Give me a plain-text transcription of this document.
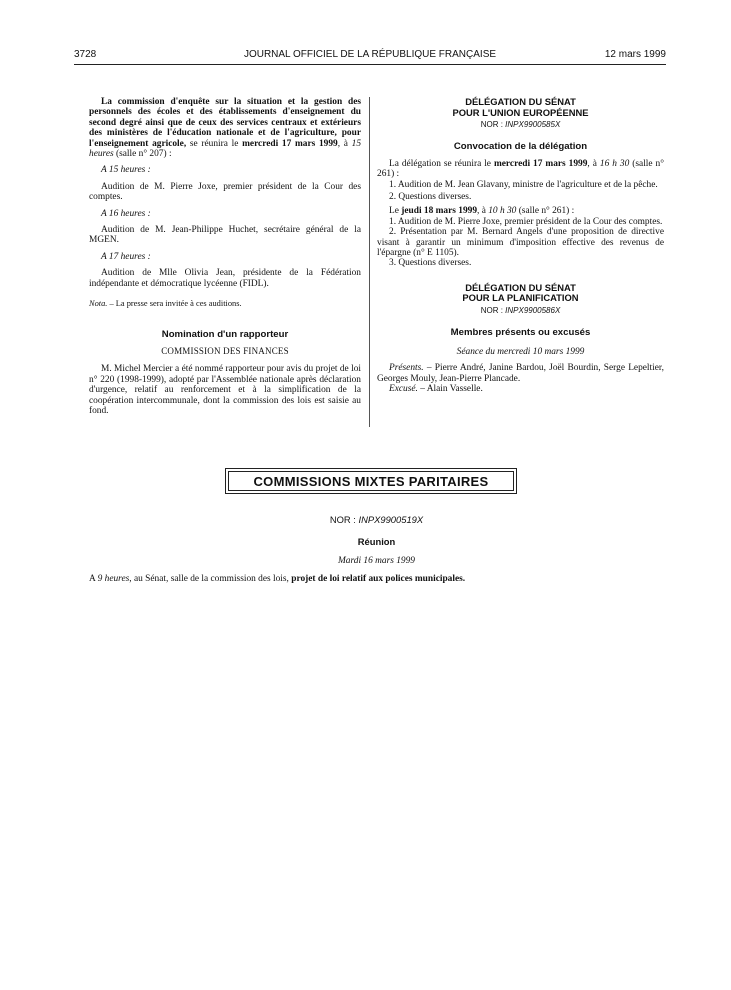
3728	JOURNAL OFFICIEL DE LA RÉPUBLIQUE FRANÇAISE	12 mars 1999

La commission d'enquête sur la situation et la gestion des personnels des écoles et des établissements d'enseignement du second degré ainsi que de ceux des services centraux et extérieurs des ministères de l'éducation nationale et de l'agriculture, pour l'enseignement agricole, se réunira le mercredi 17 mars 1999, à 15 heures (salle n° 207) :

A 15 heures :

Audition de M. Pierre Joxe, premier président de la Cour des comptes.

A 16 heures :

Audition de M. Jean-Philippe Huchet, secrétaire général de la MGEN.

A 17 heures :

Audition de Mlle Olivia Jean, présidente de la Fédération indépendante et démocratique lycéenne (FIDL).

Nota. – La presse sera invitée à ces auditions.

Nomination d'un rapporteur

COMMISSION DES FINANCES

M. Michel Mercier a été nommé rapporteur pour avis du projet de loi n° 220 (1998-1999), adopté par l'Assemblée nationale après déclaration d'urgence, relatif au renforcement et à la simplification de la coopération intercommunale, dont la commission des lois est saisie au fond.

DÉLÉGATION DU SÉNAT
POUR L'UNION EUROPÉENNE

NOR : INPX9900585X

Convocation de la délégation

La délégation se réunira le mercredi 17 mars 1999, à 16 h 30 (salle n° 261) :

1. Audition de M. Jean Glavany, ministre de l'agriculture et de la pêche.

2. Questions diverses.

Le jeudi 18 mars 1999, à 10 h 30 (salle n° 261) :

1. Audition de M. Pierre Joxe, premier président de la Cour des comptes.

2. Présentation par M. Bernard Angels d'une proposition de directive visant à garantir un minimum d'imposition effective des revenus de l'épargne (n° E 1105).

3. Questions diverses.

DÉLÉGATION DU SÉNAT
POUR LA PLANIFICATION

NOR : INPX9900586X

Membres présents ou excusés

Séance du mercredi 10 mars 1999

Présents. – Pierre André, Janine Bardou, Joël Bourdin, Serge Lepeltier, Georges Mouly, Jean-Pierre Plancade.

Excusé. – Alain Vasselle.

COMMISSIONS MIXTES PARITAIRES

NOR : INPX9900519X

Réunion

Mardi 16 mars 1999

A 9 heures, au Sénat, salle de la commission des lois, projet de loi relatif aux polices municipales.
